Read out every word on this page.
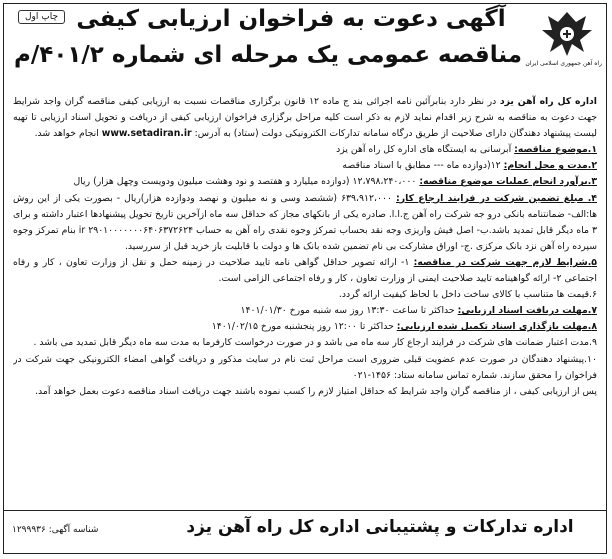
چاپ اول آگهی دعوت به فراخوان ارزیابی کیفی
مناقصه عمومی یک مرحله ای شماره ۴۰۱/۲/م راه آهن جمهوری اسلامی ایران

اداره کل راه آهن یزد در نظر دارد بنابرآئین نامه اجرائی بند ج ماده ۱۲ قانون برگزاری مناقصات نسبت به ارزیابی کیفی مناقصه گران واجد شرایط جهت دعوت به مناقصه به شرح زیر اقدام نماید لازم به ذکر است کلیه مراحل برگزاری فراخوان ارزیابی کیفی از دریافت و تحویل اسناد ارزیابی تا تهیه لیست پیشنهاد دهندگان دارای صلاحیت از طریق درگاه سامانه تدارکات الکترونیکی دولت (ستاد) به آدرس: www.setadiran.ir انجام خواهد شد.

۱.موضوع مناقصه: آبرسانی به ایستگاه های اداره کل راه آهن یزد

۲.مدت و محل انجام: ۱۲(دوازده ماه --- مطابق با اسناد مناقصه

۳.برآورد انجام عملیات موضوع مناقصه: ۱۲،۷۹۸،۲۴۰،۰۰۰ (دوازده میلیارد و هفتصد و نود وهشت میلیون ودویست وچهل هزار) ریال

۴. مبلغ تضمین شرکت در فرایند ارجاع کار: ۶۳۹،۹۱۲،۰۰۰ (ششصد وسی و نه میلیون و نهصد ودوازده هزار)ریال - بصورت یکی از این روش ها:الف- ضمانتنامه بانکی درو جه شرکت راه آهن ج.ا.ا. صادره یکی از بانکهای مجاز که حداقل سه ماه ازآخرین تاریخ تحویل پیشنهادها اعتبار داشته و برای ۳ ماه دیگر قابل تمدید باشد.ب- اصل فیش واریزی وجه نقد بحساب تمرکز وجوه نقدی راه آهن به حساب ۲۹۰۱۰۰۰۰۰۰۰۶۴۰۶۳۷۲۶۲۴ ir بنام تمرکز وجوه سپرده راه آهن نزد بانک مرکزی .ج- اوراق مشارکت بی نام تضمین شده بانک ها و دولت با قابلیت باز خرید قبل از سررسید.

۵.شرایط لازم جهت شرکت در مناقصه: ۱- ارائه تصویر حداقل گواهی نامه تایید صلاحیت در زمینه حمل و نقل از وزارت تعاون ، کار و رفاه اجتماعی ۲- ارائه گواهینامه تایید صلاحیت ایمنی از وزارت تعاون ، کار و رفاه اجتماعی الزامی است.

۶.قیمت ها متناسب با کالای ساخت داخل با لحاظ کیفیت ارائه گردد.

۷.مهلت دریافت اسناد ارزیابی: حداکثر تا ساعت ۱۳:۳۰ روز سه شنبه مورخ ۱۴۰۱/۰۱/۳۰

۸.مهلت بازگذاری اسناد تکمیل شده ارزیابی: حداکثر تا ۱۲:۰۰ روز پنجشنبه مورخ ۱۴۰۱/۰۲/۱۵

۹.مدت اعتبار ضمانت های شرکت در فرایند ارجاع کار سه ماه می باشد و در صورت درخواست کارفرما به مدت سه ماه دیگر قابل تمدید می باشد .

۱۰.پیشنهاد دهندگان در صورت عدم عضویت قبلی ضروری است مراحل ثبت نام در سایت مذکور و دریافت گواهی امضاء الکترونیکی جهت شرکت در فراخوان را محقق سازند. شماره تماس سامانه ستاد: ۱۴۵۶-۰۲۱

پس از ارزیابی کیفی ، از مناقصه گران واجد شرایط که حداقل امتیاز لازم را کسب نموده باشند جهت دریافت اسناد مناقصه دعوت بعمل خواهد آمد.

اداره تدارکات و پشتیبانی اداره کل راه آهن یزد
شناسه آگهی: ۱۲۹۹۹۳۶
